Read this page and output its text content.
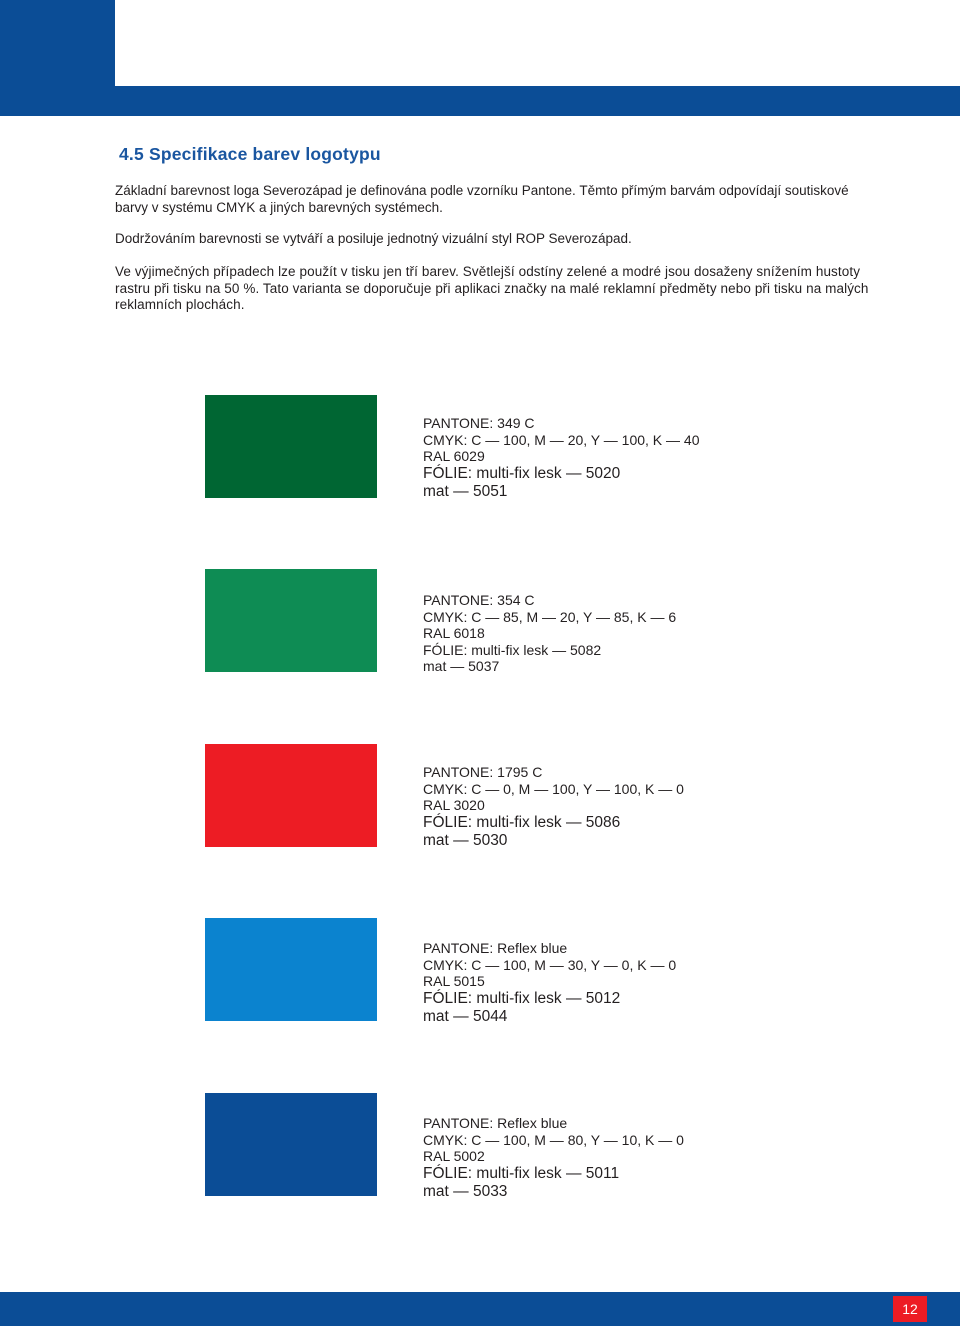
4.5 Specifikace barev logotypu
Základní barevnost loga Severozápad je definována podle vzorníku Pantone. Těmto přímým barvám odpovídají soutiskové barvy v systému CMYK a jiných barevných systémech.
Dodržováním barevnosti se vytváří a posiluje jednotný vizuální styl ROP Severozápad.
Ve výjimečných případech lze použít v tisku jen tří barev. Světlejší odstíny zelené a modré jsou dosaženy snížením hustoty rastru při tisku na 50 %. Tato varianta se doporučuje při aplikaci značky na malé reklamní předměty nebo při tisku na malých reklamních plochách.
PANTONE: 349 C
CMYK: C — 100, M — 20, Y — 100, K — 40
RAL 6029
FÓLIE: multi-fix lesk — 5020
mat — 5051
PANTONE: 354 C
CMYK: C — 85, M — 20, Y — 85, K — 6
RAL 6018
FÓLIE: multi-fix lesk — 5082
mat — 5037
PANTONE: 1795 C
CMYK: C — 0, M — 100, Y — 100, K — 0
RAL 3020
FÓLIE: multi-fix lesk — 5086
mat — 5030
PANTONE: Reflex blue
CMYK: C — 100, M — 30, Y — 0, K — 0
RAL 5015
FÓLIE: multi-fix lesk — 5012
mat — 5044
PANTONE: Reflex blue
CMYK: C — 100, M — 80, Y — 10, K — 0
RAL 5002
FÓLIE: multi-fix lesk — 5011
mat — 5033
12
